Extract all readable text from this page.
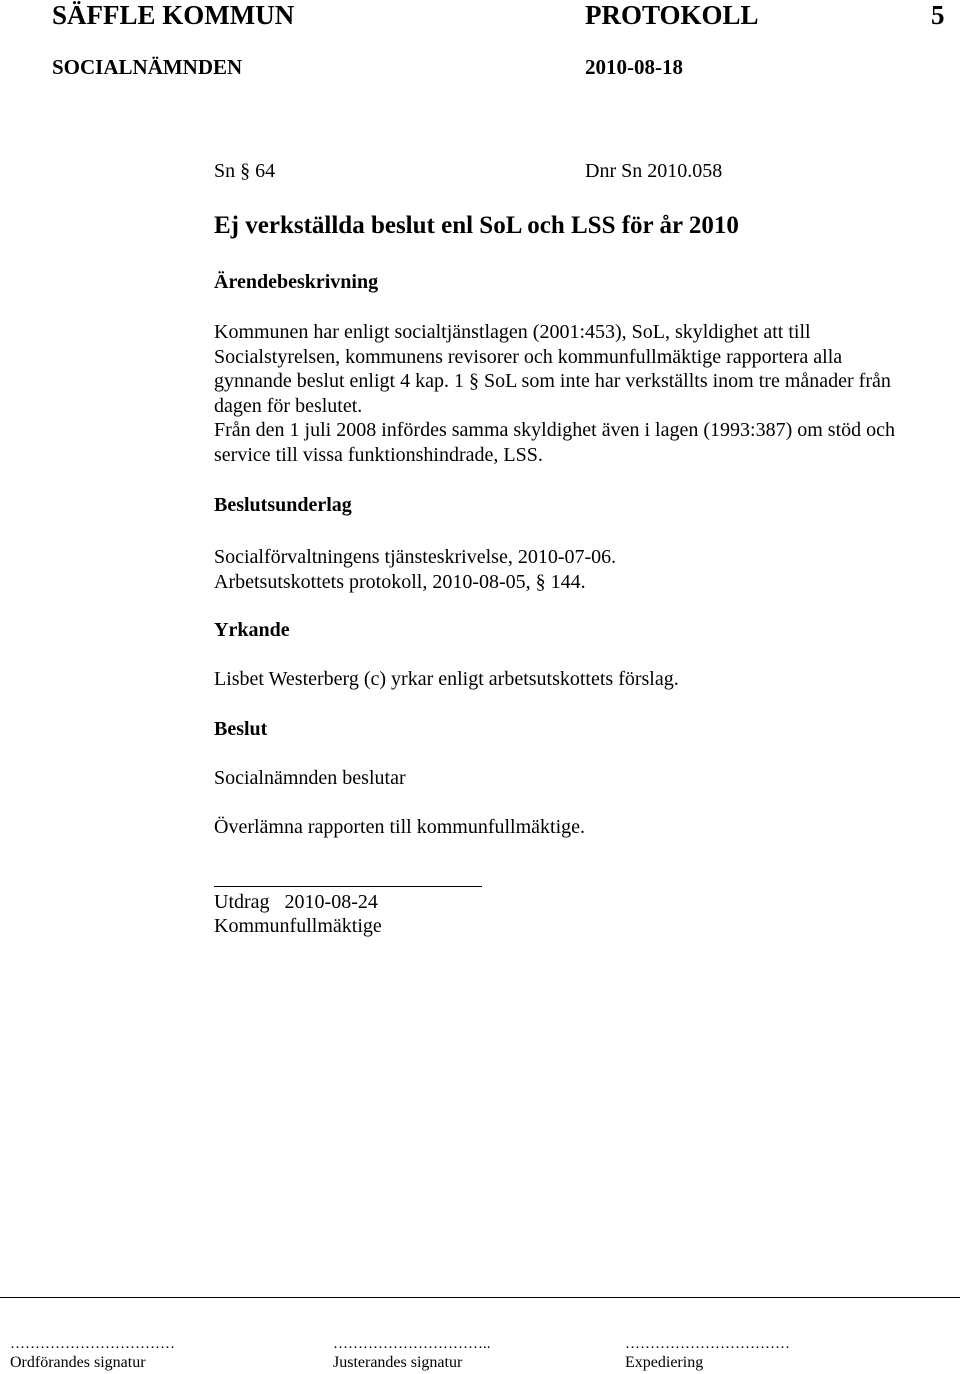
SÄFFLE KOMMUN	PROTOKOLL	5
SOCIALNÄMNDEN	2010-08-18
Sn § 64	Dnr Sn 2010.058
Ej verkställda beslut enl SoL och LSS för år 2010
Ärendebeskrivning
Kommunen har enligt socialtjänstlagen (2001:453), SoL, skyldighet att till
Socialstyrelsen, kommunens revisorer och kommunfullmäktige rapportera alla
gynnande beslut enligt 4 kap. 1 § SoL som inte har verkställts inom tre månader från
dagen för beslutet.
Från den 1 juli 2008 infördes samma skyldighet även i lagen (1993:387) om stöd och
service till vissa funktionshindrade, LSS.
Beslutsunderlag
Socialförvaltningens tjänsteskrivelse, 2010-07-06.
Arbetsutskottets protokoll, 2010-08-05, § 144.
Yrkande
Lisbet Westerberg (c) yrkar enligt arbetsutskottets förslag.
Beslut
Socialnämnden beslutar
Överlämna rapporten till kommunfullmäktige.
Utdrag   2010-08-24
Kommunfullmäktige
……………………………	…………………………..	……………………………
Ordförandes signatur	Justerandes signatur	Expediering
